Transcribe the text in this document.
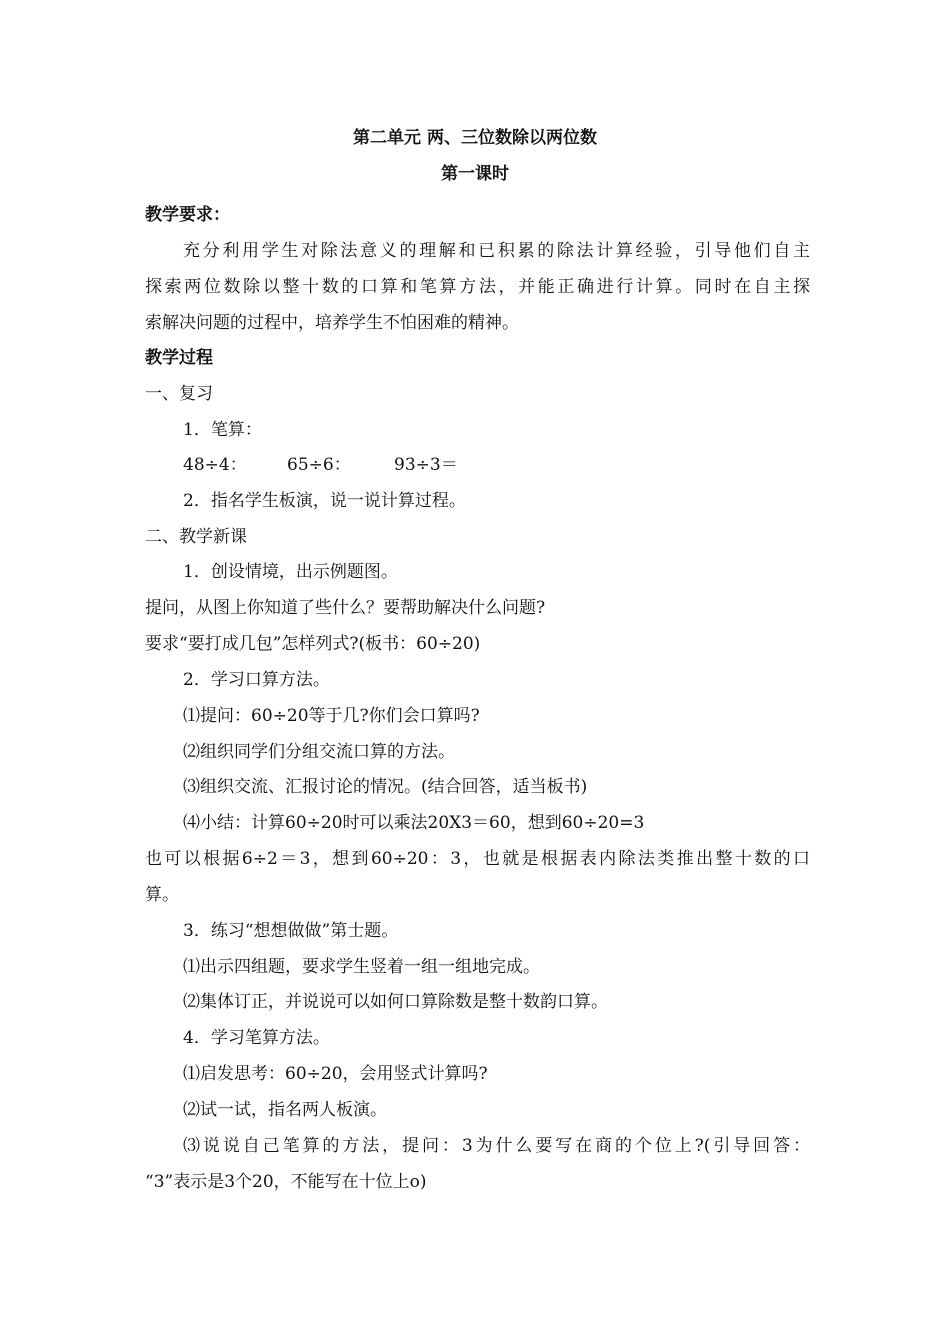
第二单元 两、三位数除以两位数
第一课时
教学要求：
充分利用学生对除法意义的理解和已积累的除法计算经验，引导他们自主
探索两位数除以整十数的口算和笔算方法，并能正确进行计算。同时在自主探
索解决问题的过程中，培养学生不怕困难的精神。
教学过程
一、复习
1．笔算：
48÷4： 65÷6：	93÷3＝
2．指名学生板演，说一说计算过程。
二、教学新课
1．创设情境，出示例题图。
提问，从图上你知道了些什么？要帮助解决什么问题?
要求“要打成几包”怎样列式?(板书：60÷20)
2．学习口算方法。
⑴提问：60÷20等于几?你们会口算吗?
⑵组织同学们分组交流口算的方法。
⑶组织交流、汇报讨论的情况。(结合回答，适当板书)
⑷小结：计算60÷20时可以乘法20X3＝60，想到60÷20=3
也可以根据6÷2＝3，想到60÷20：3，也就是根据表内除法类推出整十数的口
算。
3．练习“想想做做”第士题。
⑴出示四组题，要求学生竖着一组一组地完成。
⑵集体订正，并说说可以如何口算除数是整十数韵口算。
4．学习笔算方法。
⑴启发思考：60÷20，会用竖式计算吗?
⑵试一试，指名两人板演。
⑶说说自己笔算的方法，提问：3为什么要写在商的个位上?(引导回答：
“3”表示是3个20，不能写在十位上o)
